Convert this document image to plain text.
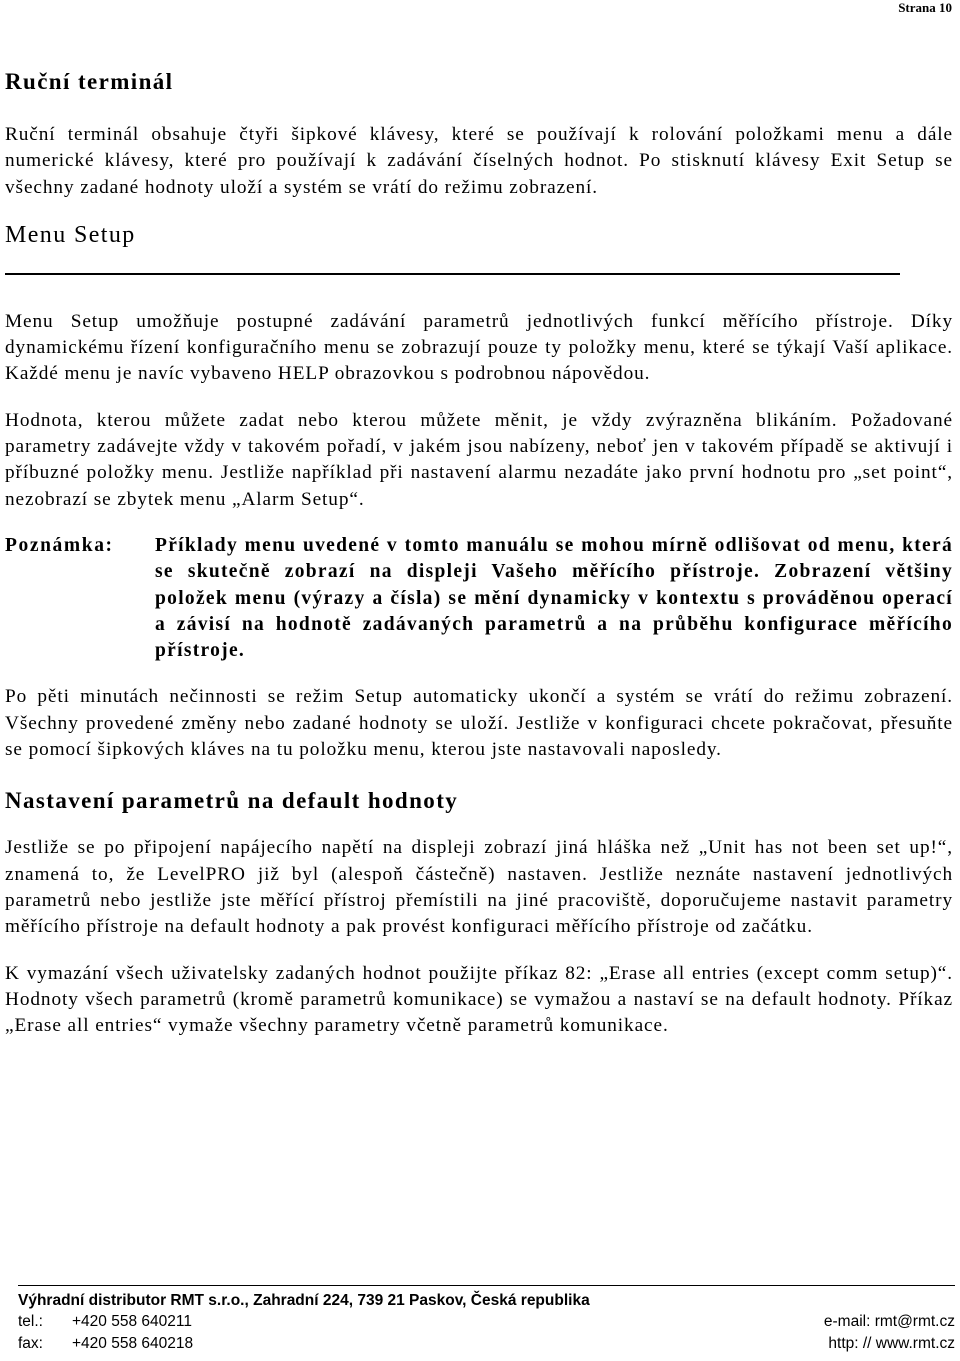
Strana 10
Ruční terminál

Ruční terminál obsahuje čtyři šipkové klávesy, které se používají k rolování položkami menu a dále numerické klávesy, které pro používají k zadávání číselných hodnot. Po stisknutí klávesy Exit Setup se všechny zadané hodnoty uloží a systém se vrátí do režimu zobrazení.

Menu Setup

Menu Setup umožňuje postupné zadávání parametrů jednotlivých funkcí měřícího přístroje. Díky dynamickému řízení konfiguračního menu se zobrazují pouze ty položky menu, které se týkají Vaší aplikace. Každé menu je navíc vybaveno HELP obrazovkou s podrobnou nápovědou.

Hodnota, kterou můžete zadat nebo kterou můžete měnit, je vždy zvýrazněna blikáním. Požadované parametry zadávejte vždy v takovém pořadí, v jakém jsou nabízeny, neboť jen v takovém případě se aktivují i příbuzné položky menu. Jestliže například při nastavení alarmu nezadáte jako první hodnotu pro „set point“, nezobrazí se zbytek menu „Alarm Setup“.

Poznámka:	Příklady menu uvedené v tomto manuálu se mohou mírně odlišovat od menu, která se skutečně zobrazí na displeji Vašeho měřícího přístroje. Zobrazení většiny položek menu (výrazy a čísla) se mění dynamicky v kontextu s prováděnou operací a závisí na hodnotě zadávaných parametrů a na průběhu konfigurace měřícího přístroje.

Po pěti minutách nečinnosti se režim Setup automaticky ukončí a systém se vrátí do režimu zobrazení. Všechny provedené změny nebo zadané hodnoty se uloží. Jestliže v konfiguraci chcete pokračovat, přesuňte se pomocí šipkových kláves na tu položku menu, kterou jste nastavovali naposledy.

Nastavení parametrů na default hodnoty

Jestliže se po připojení napájecího napětí na displeji zobrazí jiná hláška než „Unit has not been set up!“, znamená to, že LevelPRO již byl (alespoň částečně) nastaven. Jestliže neznáte nastavení jednotlivých parametrů nebo jestliže jste měřící přístroj přemístili na jiné pracoviště, doporučujeme nastavit parametry měřícího přístroje na default hodnoty a pak provést konfiguraci měřícího přístroje od začátku.

K vymazání všech uživatelsky zadaných hodnot použijte příkaz 82: „Erase all entries (except comm setup)“. Hodnoty všech parametrů (kromě parametrů komunikace) se vymažou a nastaví se na default hodnoty. Příkaz „Erase all entries“ vymaže všechny parametry včetně parametrů komunikace.

Výhradní distributor RMT s.r.o., Zahradní 224, 739 21 Paskov, Česká republika
tel.:	+420 558 640211	e-mail: rmt@rmt.cz
fax:	+420 558 640218	http: // www.rmt.cz
